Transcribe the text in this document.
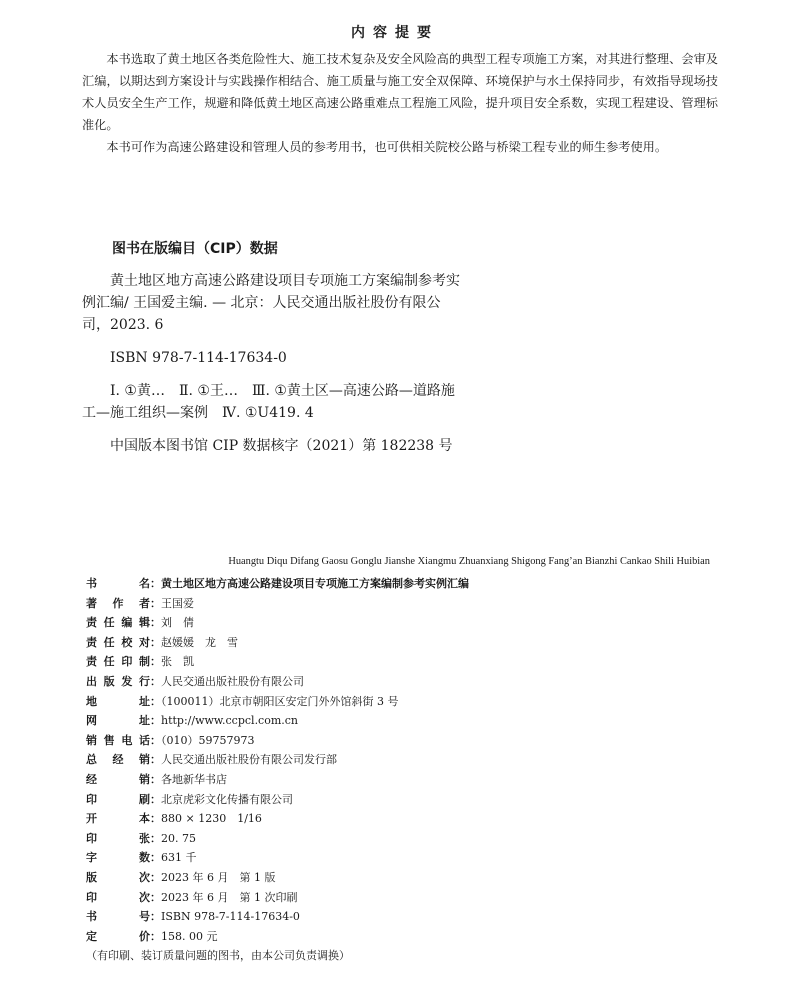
内容提要

本书选取了黄土地区各类危险性大、施工技术复杂及安全风险高的典型工程专项施工方案，对其进行整理、会审及汇编，以期达到方案设计与实践操作相结合、施工质量与施工安全双保障、环境保护与水土保持同步，有效指导现场技术人员安全生产工作，规避和降低黄土地区高速公路重难点工程施工风险，提升项目安全系数，实现工程建设、管理标准化。

本书可作为高速公路建设和管理人员的参考用书，也可供相关院校公路与桥梁工程专业的师生参考使用。

图书在版编目（CIP）数据

黄土地区地方高速公路建设项目专项施工方案编制参考实例汇编/ 王国爱主编. — 北京：人民交通出版社股份有限公司，2023. 6

ISBN 978-7-114-17634-0

Ⅰ. ①黄…　Ⅱ. ①王…　Ⅲ. ①黄土区—高速公路—道路施工—施工组织—案例　Ⅳ. ①U419. 4

中国版本图书馆 CIP 数据核字（2021）第 182238 号

Huangtu Diqu Difang Gaosu Gonglu Jianshe Xiangmu Zhuanxiang Shigong Fang’an Bianzhi Cankao Shili Huibian
书名：黄土地区地方高速公路建设项目专项施工方案编制参考实例汇编
著作者：王国爱
责任编辑：刘　倩
责任校对：赵媛媛　龙　雪
责任印制：张　凯
出版发行：人民交通出版社股份有限公司
地址：（100011）北京市朝阳区安定门外外馆斜街 3 号
网址：http://www.ccpcl.com.cn
销售电话：（010）59757973
总经销：人民交通出版社股份有限公司发行部
经销：各地新华书店
印刷：北京虎彩文化传播有限公司
开本：880 × 1230　1/16
印张：20. 75
字数：631 千
版次：2023 年 6 月　第 1 版
印次：2023 年 6 月　第 1 次印刷
书号：ISBN 978-7-114-17634-0
定价：158. 00 元
（有印刷、装订质量问题的图书，由本公司负责调换）
